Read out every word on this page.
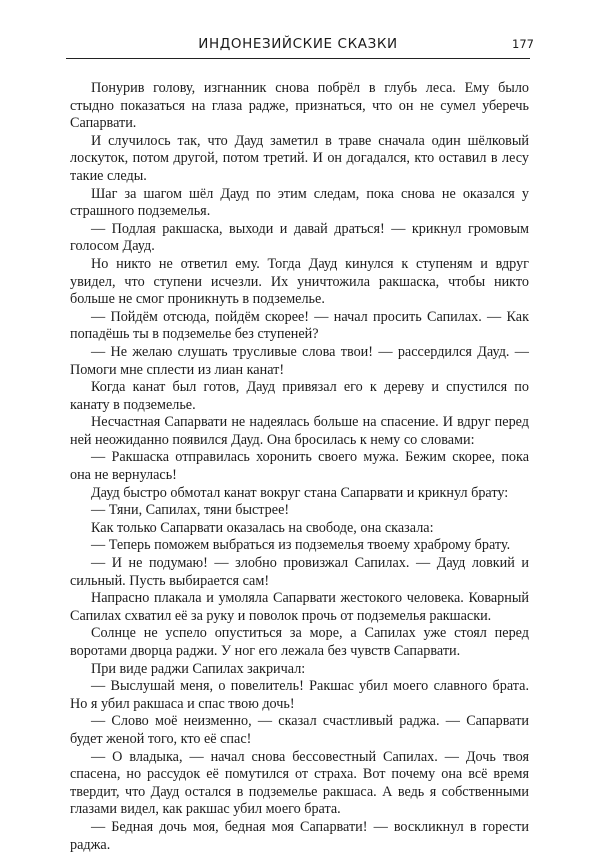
ИНДОНЕЗИЙСКИЕ СКАЗКИ	177

Понурив голову, изгнанник снова побрёл в глубь леса. Ему было стыдно показаться на глаза радже, признаться, что он не сумел уберечь Сапарвати.

И случилось так, что Дауд заметил в траве сначала один шёлковый лоскуток, потом другой, потом третий. И он догадался, кто оставил в лесу такие следы.

Шаг за шагом шёл Дауд по этим следам, пока снова не оказался у страшного подземелья.

— Подлая ракшаска, выходи и давай драться! — крикнул громовым голосом Дауд.

Но никто не ответил ему. Тогда Дауд кинулся к ступеням и вдруг увидел, что ступени исчезли. Их уничтожила ракшаска, чтобы никто больше не смог проникнуть в подземелье.

— Пойдём отсюда, пойдём скорее! — начал просить Сапилах. — Как попадёшь ты в подземелье без ступеней?

— Не желаю слушать трусливые слова твои! — рассердился Дауд. — Помоги мне сплести из лиан канат!

Когда канат был готов, Дауд привязал его к дереву и спустился по канату в подземелье.

Несчастная Сапарвати не надеялась больше на спасение. И вдруг перед ней неожиданно появился Дауд. Она бросилась к нему со словами:

— Ракшаска отправилась хоронить своего мужа. Бежим скорее, пока она не вернулась!

Дауд быстро обмотал канат вокруг стана Сапарвати и крикнул брату:

— Тяни, Сапилах, тяни быстрее!

Как только Сапарвати оказалась на свободе, она сказала:

— Теперь поможем выбраться из подземелья твоему храброму брату.

— И не подумаю! — злобно провизжал Сапилах. — Дауд ловкий и сильный. Пусть выбирается сам!

Напрасно плакала и умоляла Сапарвати жестокого человека. Коварный Сапилах схватил её за руку и поволок прочь от подземелья ракшаски.

Солнце не успело опуститься за море, а Сапилах уже стоял перед воротами дворца раджи. У ног его лежала без чувств Сапарвати.

При виде раджи Сапилах закричал:

— Выслушай меня, о повелитель! Ракшас убил моего славного брата. Но я убил ракшаса и спас твою дочь!

— Слово моё неизменно, — сказал счастливый раджа. — Сапарвати будет женой того, кто её спас!

— О владыка, — начал снова бессовестный Сапилах. — Дочь твоя спасена, но рассудок её помутился от страха. Вот почему она всё время твердит, что Дауд остался в подземелье ракшаса. А ведь я собственными глазами видел, как ракшас убил моего брата.

— Бедная дочь моя, бедная моя Сапарвати! — воскликнул в горести раджа.
